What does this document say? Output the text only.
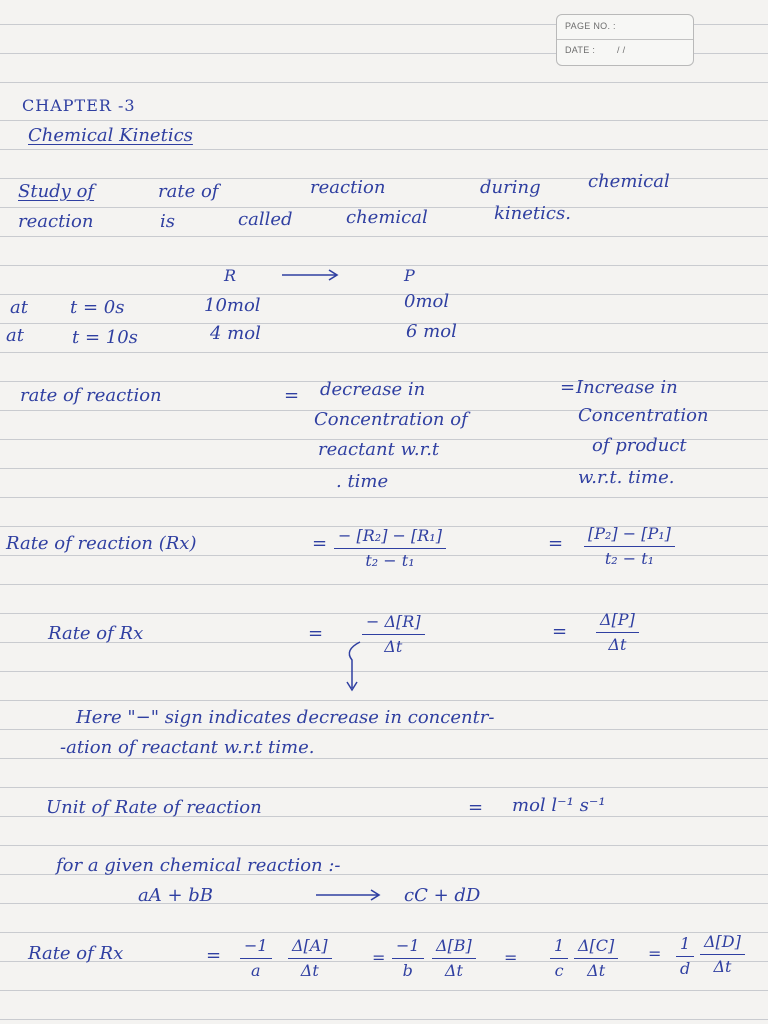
PAGE NO. :
DATE : / /
CHAPTER -3
Chemical Kinetics
Study of	rate of	reaction	during	chemical
reaction	is	called	chemical	kinetics.
R	P
at t = 0s	10mol	0mol
at	t = 10s	4 mol	6 mol
rate of reaction	= decrease in
Concentration of
reactant w.r.t
. time
= Increase in
Concentration
of product
w.r.t. time.
Rate of reaction (Rx)	= $\frac{\text{− [R₂] − [R₁]}}{\text{t₂ − t₁}}$	= $\frac{\text{[P₂] − [P₁]}}{\text{t₂ − t₁}}$
Rate of Rx	= $\frac{- \Delta[R]}{\Delta t}$	= $\frac{\Delta[P]}{\Delta t}$
Here "−" sign indicates decrease in concentr-
-ation of reactant w.r.t time.
Unit of Rate of reaction	= mol l⁻¹ s⁻¹
for a given chemical reaction :-
aA + bB	cC + dD
Rate of Rx	= $\frac{-1}{a} \frac{\Delta[A]}{\Delta t}$	= $\frac{-1}{b} \frac{\Delta[B]}{\Delta t} = \frac{1}{c} \frac{\Delta[C]}{\Delta t} = \frac{1}{d} \frac{\Delta[D]}{\Delta t}$
